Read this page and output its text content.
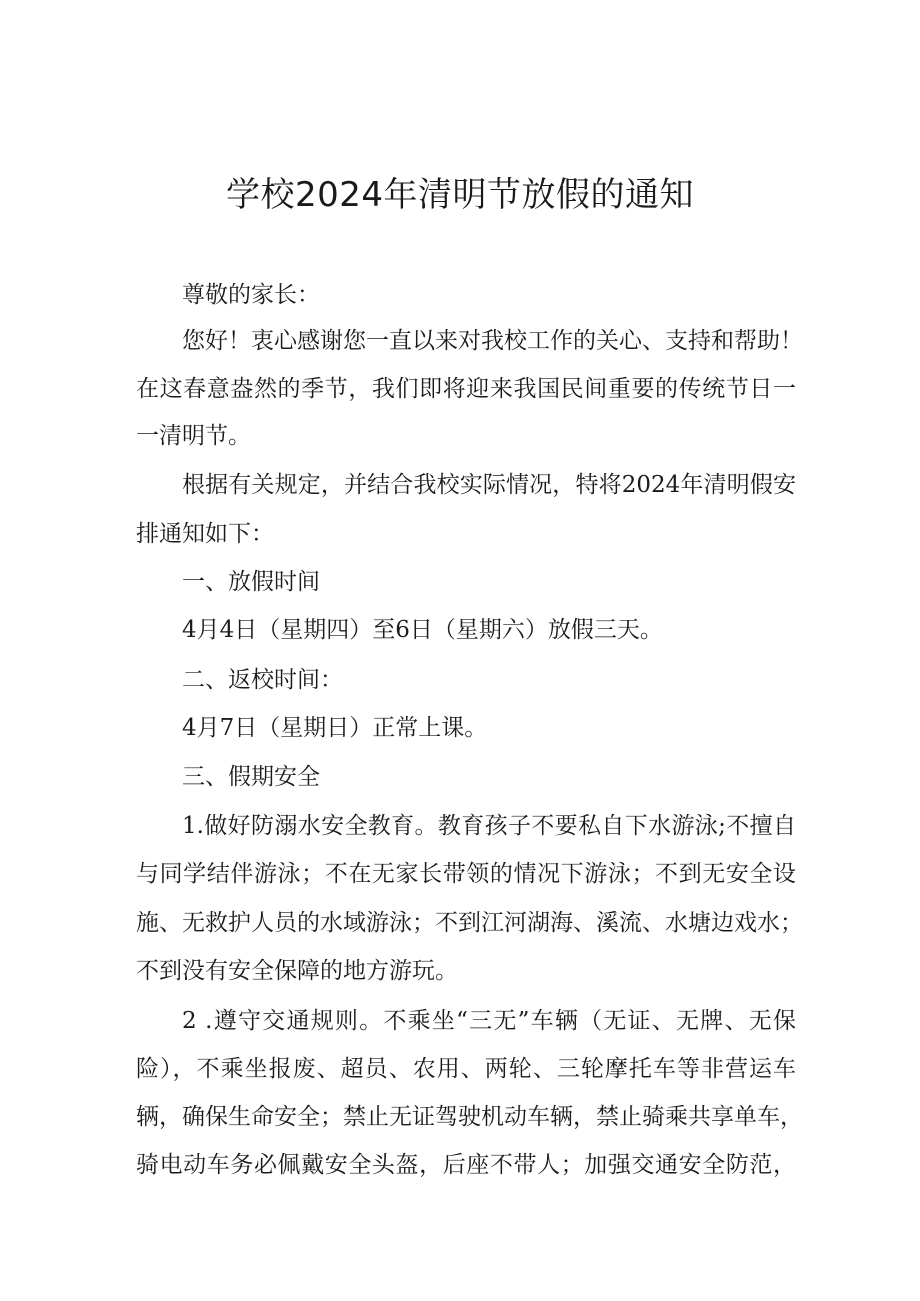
学校2024年清明节放假的通知
尊敬的家长：
您好！衷心感谢您一直以来对我校工作的关心、支持和帮助！
在这春意盎然的季节，我们即将迎来我国民间重要的传统节日一
一清明节。
根据有关规定，并结合我校实际情况，特将2024年清明假安
排通知如下：
一、放假时间
4月4日（星期四）至6日（星期六）放假三天。
二、返校时间：
4月7日（星期日）正常上课。
三、假期安全
1.做好防溺水安全教育。教育孩子不要私自下水游泳;不擅自
与同学结伴游泳；不在无家长带领的情况下游泳；不到无安全设
施、无救护人员的水域游泳；不到江河湖海、溪流、水塘边戏水；
不到没有安全保障的地方游玩。
2 .遵守交通规则。不乘坐“三无”车辆（无证、无牌、无保
险），不乘坐报废、超员、农用、两轮、三轮摩托车等非营运车
辆，确保生命安全；禁止无证驾驶机动车辆，禁止骑乘共享单车，
骑电动车务必佩戴安全头盔，后座不带人；加强交通安全防范，
